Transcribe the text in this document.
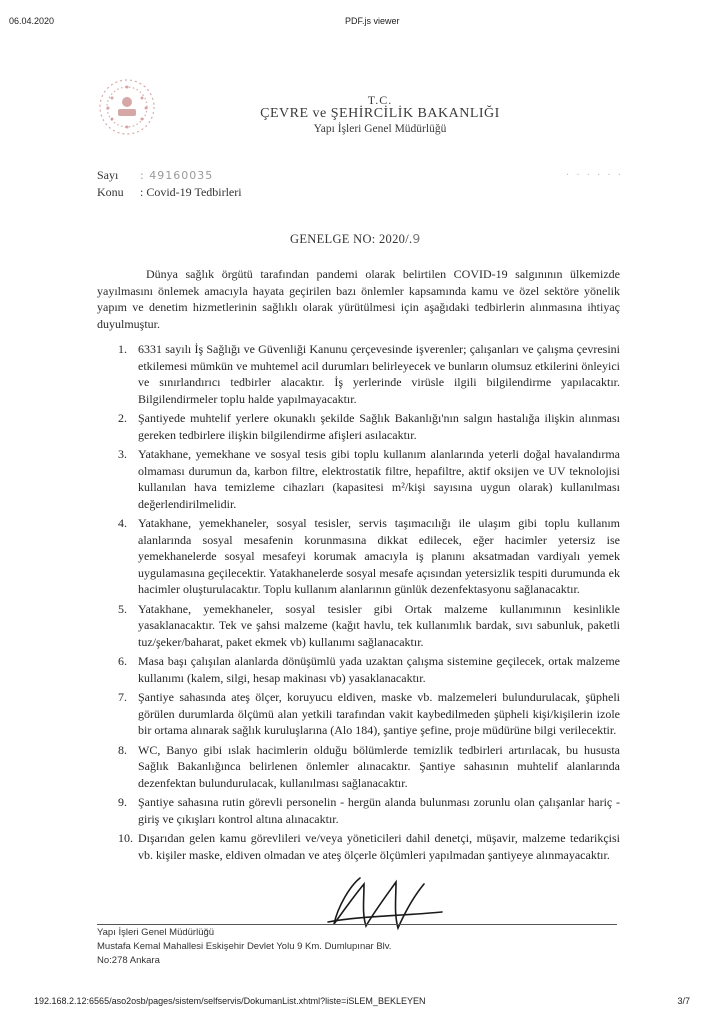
06.04.2020	PDF.js viewer
T.C.
ÇEVRE ve ŞEHİRCİLİK BAKANLIĞI
Yapı İşleri Genel Müdürlüğü
Sayı : 49160035	· · · · · ·
Konu : Covid-19 Tedbirleri
GENELGE NO: 2020/.9

Dünya sağlık örgütü tarafından pandemi olarak belirtilen COVID-19 salgınının ülkemizde yayılmasını önlemek amacıyla hayata geçirilen bazı önlemler kapsamında kamu ve özel sektöre yönelik yapım ve denetim hizmetlerinin sağlıklı olarak yürütülmesi için aşağıdaki tedbirlerin alınmasına ihtiyaç duyulmuştur.

1. 6331 sayılı İş Sağlığı ve Güvenliği Kanunu çerçevesinde işverenler; çalışanları ve çalışma çevresini etkilemesi mümkün ve muhtemel acil durumları belirleyecek ve bunların olumsuz etkilerini önleyici ve sınırlandırıcı tedbirler alacaktır. İş yerlerinde virüsle ilgili bilgilendirme yapılacaktır. Bilgilendirmeler toplu halde yapılmayacaktır.
2. Şantiyede muhtelif yerlere okunaklı şekilde Sağlık Bakanlığı'nın salgın hastalığa ilişkin alınması gereken tedbirlere ilişkin bilgilendirme afişleri asılacaktır.
3. Yatakhane, yemekhane ve sosyal tesis gibi toplu kullanım alanlarında yeterli doğal havalandırma olmaması durumun da, karbon filtre, elektrostatik filtre, hepafiltre, aktif oksijen ve UV teknolojisi kullanılan hava temizleme cihazları (kapasitesi m²/kişi sayısına uygun olarak) kullanılması değerlendirilmelidir.
4. Yatakhane, yemekhaneler, sosyal tesisler, servis taşımacılığı ile ulaşım gibi toplu kullanım alanlarında sosyal mesafenin korunmasına dikkat edilecek, eğer hacimler yetersiz ise yemekhanelerde sosyal mesafeyi korumak amacıyla iş planını aksatmadan vardiyalı yemek uygulamasına geçilecektir. Yatakhanelerde sosyal mesafe açısından yetersizlik tespiti durumunda ek hacimler oluşturulacaktır. Toplu kullanım alanlarının günlük dezenfektasyonu sağlanacaktır.
5. Yatakhane, yemekhaneler, sosyal tesisler gibi Ortak malzeme kullanımının kesinlikle yasaklanacaktır. Tek ve şahsi malzeme (kağıt havlu, tek kullanımlık bardak, sıvı sabunluk, paketli tuz/şeker/baharat, paket ekmek vb) kullanımı sağlanacaktır.
6. Masa başı çalışılan alanlarda dönüşümlü yada uzaktan çalışma sistemine geçilecek, ortak malzeme kullanımı (kalem, silgi, hesap makinası vb) yasaklanacaktır.
7. Şantiye sahasında ateş ölçer, koruyucu eldiven, maske vb. malzemeleri bulundurulacak, şüpheli görülen durumlarda ölçümü alan yetkili tarafından vakit kaybedilmeden şüpheli kişi/kişilerin izole bir ortama alınarak sağlık kuruluşlarına (Alo 184), şantiye şefine, proje müdürüne bilgi verilecektir.
8. WC, Banyo gibi ıslak hacimlerin olduğu bölümlerde temizlik tedbirleri artırılacak, bu hususta Sağlık Bakanlığınca belirlenen önlemler alınacaktır. Şantiye sahasının muhtelif alanlarında dezenfektan bulundurulacak, kullanılması sağlanacaktır.
9. Şantiye sahasına rutin görevli personelin - hergün alanda bulunması zorunlu olan çalışanlar hariç - giriş ve çıkışları kontrol altına alınacaktır.
10. Dışarıdan gelen kamu görevlileri ve/veya yöneticileri dahil denetçi, müşavir, malzeme tedarikçisi vb. kişiler maske, eldiven olmadan ve ateş ölçerle ölçümleri yapılmadan şantiyeye alınmayacaktır.
Yapı İşleri Genel Müdürlüğü
Mustafa Kemal Mahallesi Eskişehir Devlet Yolu 9 Km. Dumlupınar Blv.
No:278 Ankara
192.168.2.12:6565/aso2osb/pages/sistem/selfservis/DokumanList.xhtml?liste=iSLEM_BEKLEYEN	3/7
